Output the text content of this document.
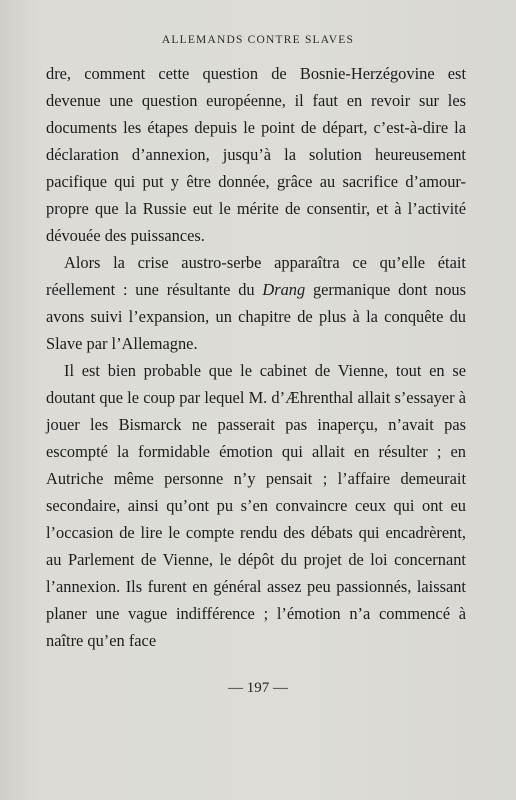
ALLEMANDS CONTRE SLAVES

dre, comment cette question de Bosnie-Herzégovine est devenue une question européenne, il faut en revoir sur les documents les étapes depuis le point de départ, c’est-à-dire la déclaration d’annexion, jusqu’à la solution heureusement pacifique qui put y être donnée, grâce au sacrifice d’amour-propre que la Russie eut le mérite de consentir, et à l’activité dévouée des puissances.

Alors la crise austro-serbe apparaîtra ce qu’elle était réellement : une résultante du Drang germanique dont nous avons suivi l’expansion, un chapitre de plus à la conquête du Slave par l’Allemagne.

Il est bien probable que le cabinet de Vienne, tout en se doutant que le coup par lequel M. d’Æhrenthal allait s’essayer à jouer les Bismarck ne passerait pas inaperçu, n’avait pas escompté la formidable émotion qui allait en résulter ; en Autriche même personne n’y pensait ; l’affaire demeurait secondaire, ainsi qu’ont pu s’en convaincre ceux qui ont eu l’occasion de lire le compte rendu des débats qui encadrèrent, au Parlement de Vienne, le dépôt du projet de loi concernant l’annexion. Ils furent en général assez peu passionnés, laissant planer une vague indifférence ; l’émotion n’a commencé à naître qu’en face

— 197 —
